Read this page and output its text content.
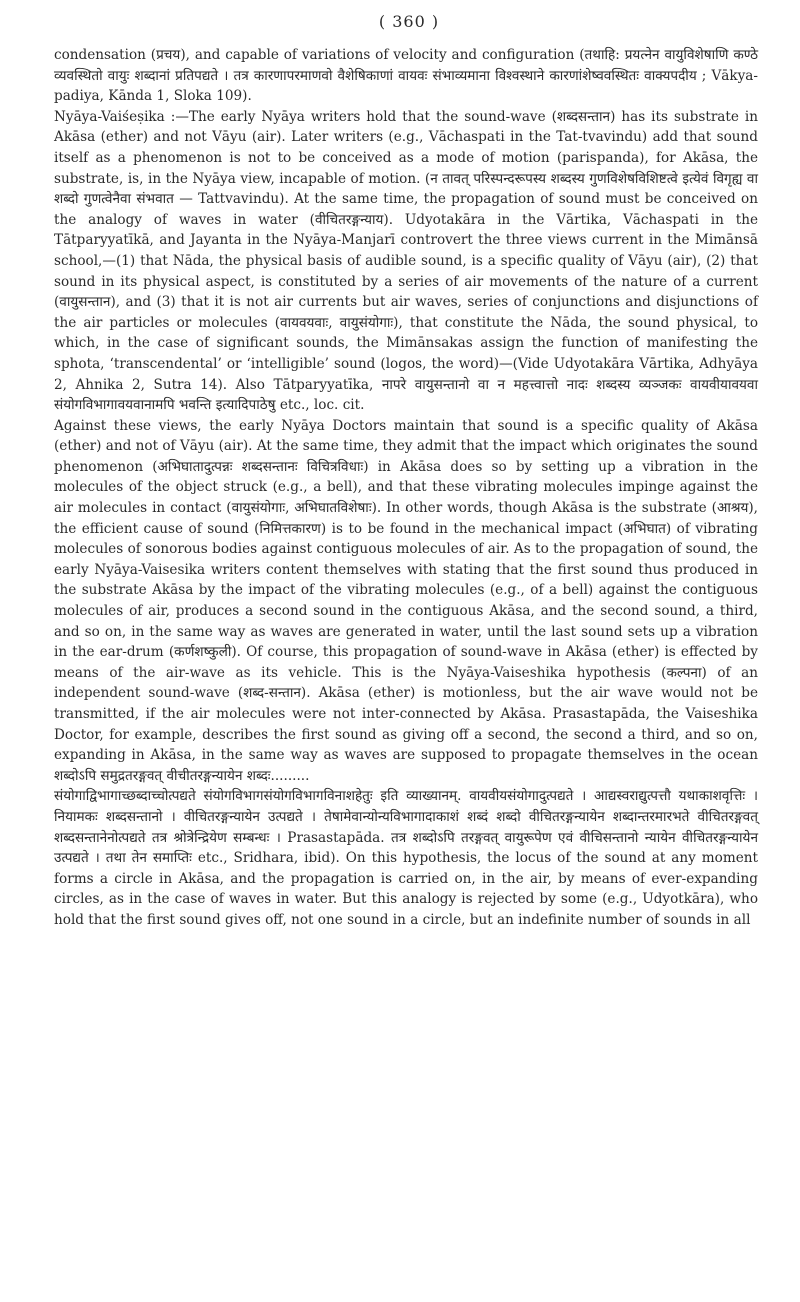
( 360 )

condensation (प्रचय), and capable of variations of velocity and configuration (तथाहि: प्रयत्नेन वायुविशेषाणि कण्ठे व्यवस्थितो वायुः शब्दानां प्रतिपद्यते । तत्र कारणापरमाणवो वैशेषिकाणां वायवः संभाव्यमाना विश्वस्थाने कारणांशेष्ववस्थितः वाक्यपदीय ; Vākya-padiya, Kānda 1, Sloka 109).

Nyāya-Vaiśeṣika :—The early Nyāya writers hold that the sound-wave (शब्दसन्तान) has its substrate in Akāsa (ether) and not Vāyu (air). Later writers (e.g., Vāchaspati in the Tat-tvavindu) add that sound itself as a phenomenon is not to be conceived as a mode of motion (parispanda), for Akāsa, the substrate, is, in the Nyāya view, incapable of motion. (न तावत् परिस्पन्दरूपस्य शब्दस्य गुणविशेषविशिष्टत्वे इत्येवं विगृह्य वा शब्दो गुणत्वेनैवा संभवात — Tattvavindu). At the same time, the propagation of sound must be conceived on the analogy of waves in water (वीचितरङ्गन्याय). Udyotakāra in the Vārtika, Vāchaspati in the Tātparyyatīkā, and Jayanta in the Nyāya-Manjarī controvert the three views current in the Mimānsā school,—(1) that Nāda, the physical basis of audible sound, is a specific quality of Vāyu (air), (2) that sound in its physical aspect, is constituted by a series of air movements of the nature of a current (वायुसन्तान), and (3) that it is not air currents but air waves, series of conjunctions and disjunctions of the air particles or molecules (वायवयवाः, वायुसंयोगाः), that constitute the Nāda, the sound physical, to which, in the case of significant sounds, the Mimānsakas assign the function of manifesting the sphota, ‘transcendental’ or ‘intelligible’ sound (logos, the word)—(Vide Udyotakāra Vārtika, Adhyāya 2, Ahnika 2, Sutra 14). Also Tātparyyatīka, नापरे वायुसन्तानो वा न महत्त्वात्तो नादः शब्दस्य व्यञ्जकः वायवीयावयवा संयोगविभागावयवानामपि भवन्ति इत्यादिपाठेषु etc., loc. cit.

Against these views, the early Nyāya Doctors maintain that sound is a specific quality of Akāsa (ether) and not of Vāyu (air). At the same time, they admit that the impact which originates the sound phenomenon (अभिघातादुत्पन्नः शब्दसन्तानः विचित्रविधाः) in Akāsa does so by setting up a vibration in the molecules of the object struck (e.g., a bell), and that these vibrating molecules impinge against the air molecules in contact (वायुसंयोगाः, अभिघातविशेषाः). In other words, though Akāsa is the substrate (आश्रय), the efficient cause of sound (निमित्तकारण) is to be found in the mechanical impact (अभिघात) of vibrating molecules of sonorous bodies against contiguous molecules of air. As to the propagation of sound, the early Nyāya-Vaisesika writers content themselves with stating that the first sound thus produced in the substrate Akāsa by the impact of the vibrating molecules (e.g., of a bell) against the contiguous molecules of air, produces a second sound in the contiguous Akāsa, and the second sound, a third, and so on, in the same way as waves are generated in water, until the last sound sets up a vibration in the ear-drum (कर्णशष्कुली). Of course, this propagation of sound-wave in Akāsa (ether) is effected by means of the air-wave as its vehicle. This is the Nyāya-Vaiseshika hypothesis (कल्पना) of an independent sound-wave (शब्द-सन्तान). Akāsa (ether) is motionless, but the air wave would not be transmitted, if the air molecules were not inter-connected by Akāsa. Prasastapāda, the Vaiseshika Doctor, for example, describes the first sound as giving off a second, the second a third, and so on, expanding in Akāsa, in the same way as waves are supposed to propagate themselves in the ocean शब्दोऽपि समुद्रतरङ्गवत् वीचीतरङ्गन्यायेन शब्दः.........

संयोगाद्विभागाच्छब्दाच्चोत्पद्यते संयोगविभागसंयोगविभागविनाशहेतुः इति व्याख्यानम्. वायवीयसंयोगादुत्पद्यते । आद्यस्वराद्युत्पत्तौ यथाकाशवृत्तिः । नियामकः शब्दसन्तानो । वीचितरङ्गन्यायेन उत्पद्यते । तेषामेवान्योन्यविभागादाकाशं शब्दं शब्दो वीचितरङ्गन्यायेन शब्दान्तरमारभते वीचितरङ्गवत् शब्दसन्तानेनोत्पद्यते तत्र श्रोत्रेन्द्रियेण सम्बन्धः । Prasastapāda. तत्र शब्दोऽपि तरङ्गवत् वायुरूपेण एवं वीचिसन्तानो न्यायेन वीचितरङ्गन्यायेन उत्पद्यते । तथा तेन समाप्तिः etc., Sridhara, ibid). On this hypothesis, the locus of the sound at any moment forms a circle in Akāsa, and the propagation is carried on, in the air, by means of ever-expanding circles, as in the case of waves in water. But this analogy is rejected by some (e.g., Udyotkāra), who hold that the first sound gives off, not one sound in a circle, but an indefinite number of sounds in all
